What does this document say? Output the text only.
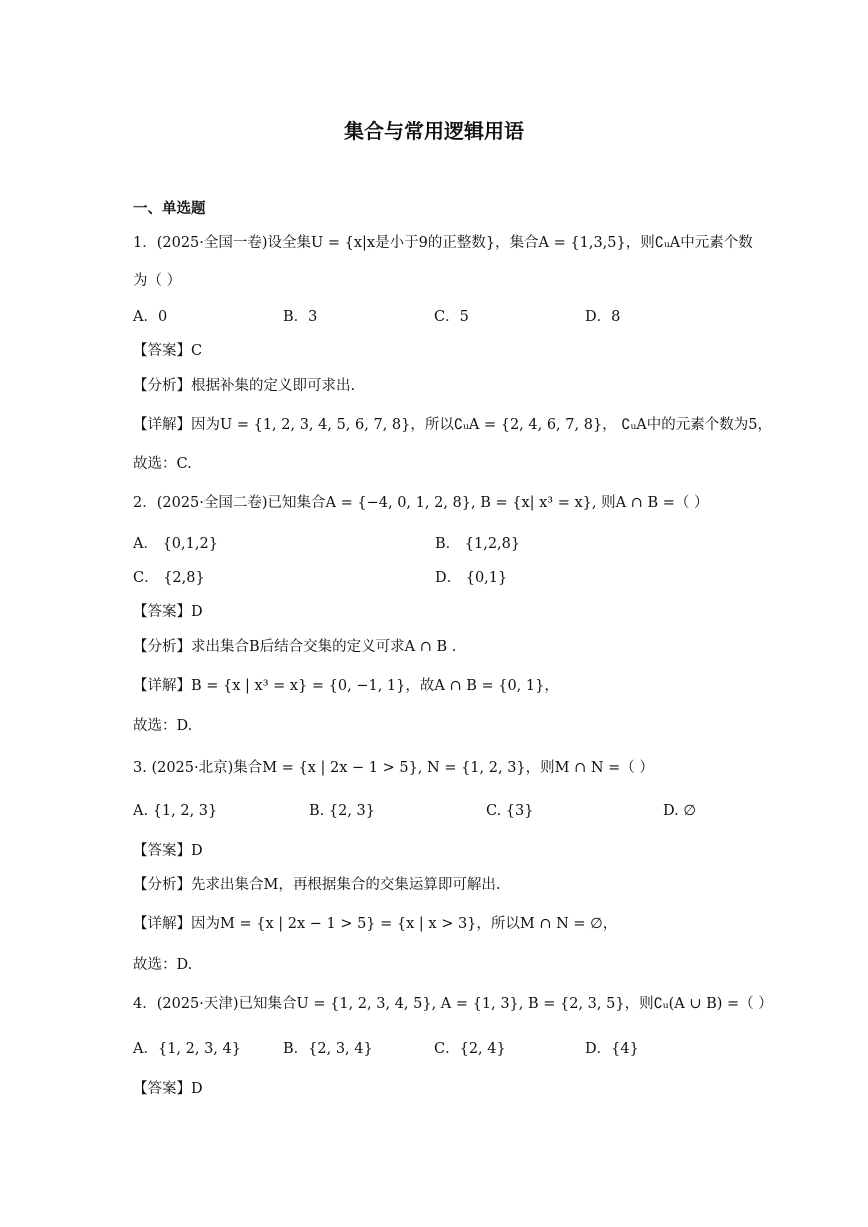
集合与常用逻辑用语
一、单选题
1．(2025·全国一卷)设全集U = {x|x是小于9的正整数}，集合A = {1,3,5}，则∁ᵤA中元素个数
为（ ）
A．0	B．3	C．5	D．8
【答案】C
【分析】根据补集的定义即可求出.
【详解】因为U = {1, 2, 3, 4, 5, 6, 7, 8}，所以∁ᵤA = {2, 4, 6, 7, 8}， ∁ᵤA中的元素个数为5，
故选：C.
2．(2025·全国二卷)已知集合A = {−4, 0, 1, 2, 8}, B = {x| x³ = x}, 则A ∩ B =（ ）
A． {0,1,2}	B． {1,2,8}
C． {2,8}	D． {0,1}
【答案】D
【分析】求出集合B后结合交集的定义可求A ∩ B .
【详解】B = {x | x³ = x} = {0, −1, 1}，故A ∩ B = {0, 1}，
故选：D.
3. (2025·北京)集合M = {x | 2x − 1 > 5}, N = {1, 2, 3}，则M ∩ N =（ ）
A. {1, 2, 3}	B. {2, 3}	C. {3}	D. ∅
【答案】D
【分析】先求出集合M，再根据集合的交集运算即可解出.
【详解】因为M = {x | 2x − 1 > 5} = {x | x > 3}，所以M ∩ N = ∅，
故选：D.
4．(2025·天津)已知集合U = {1, 2, 3, 4, 5}, A = {1, 3}, B = {2, 3, 5}，则∁ᵤ(A ∪ B) =（ ）
A．{1, 2, 3, 4}	B．{2, 3, 4}	C．{2, 4}	D．{4}
【答案】D
